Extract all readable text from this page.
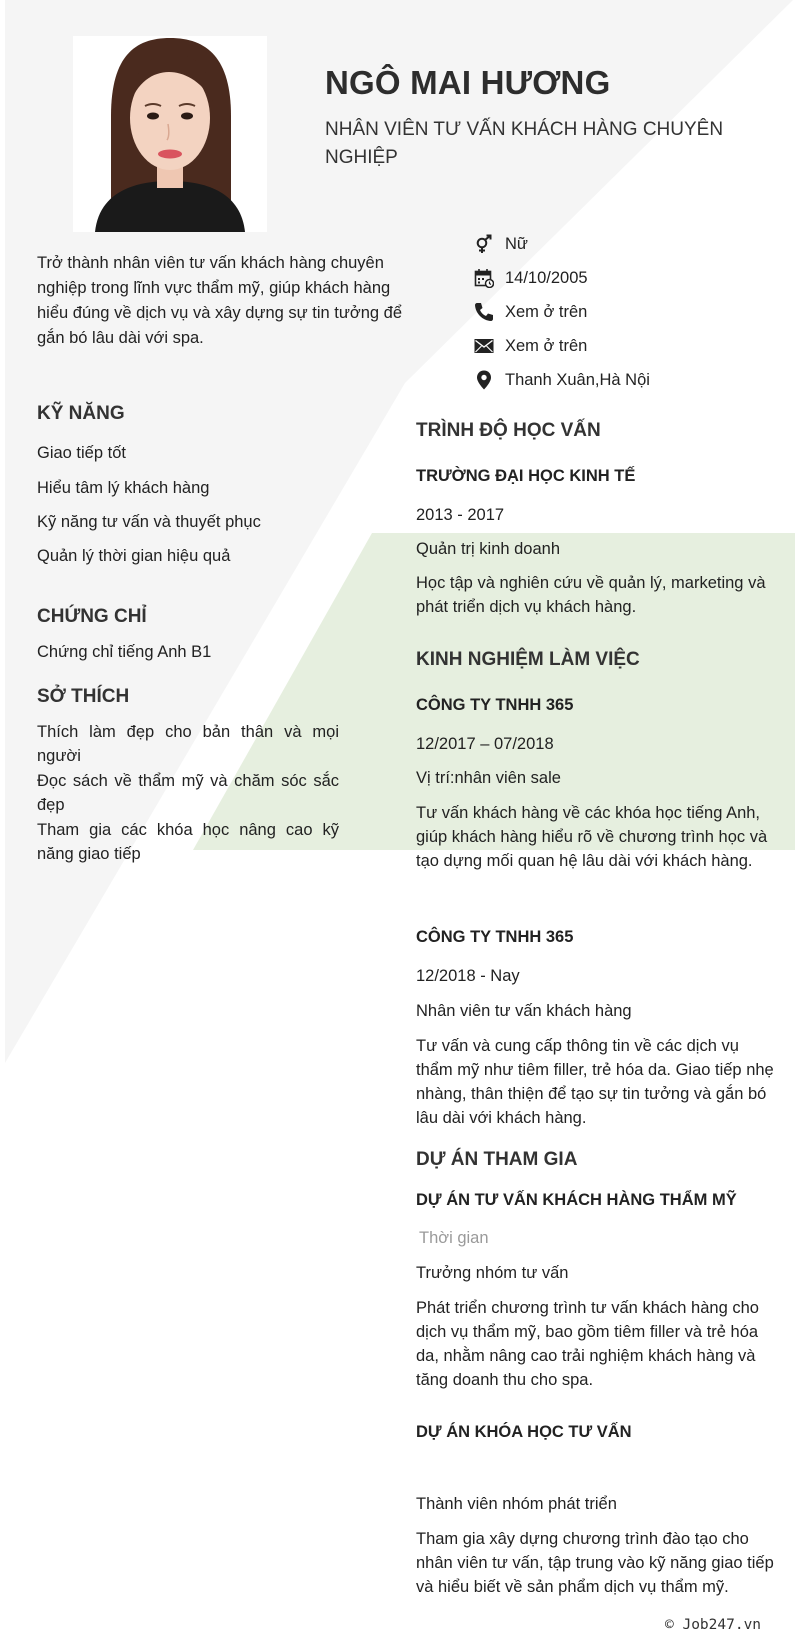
NGÔ MAI HƯƠNG
NHÂN VIÊN TƯ VẤN KHÁCH HÀNG CHUYÊN NGHIỆP
Trở thành nhân viên tư vấn khách hàng chuyên nghiệp trong lĩnh vực thẩm mỹ, giúp khách hàng hiểu đúng về dịch vụ và xây dựng sự tin tưởng để gắn bó lâu dài với spa.
Nữ
14/10/2005
Xem ở trên
Xem ở trên
Thanh Xuân,Hà Nội
KỸ NĂNG
Giao tiếp tốt
Hiểu tâm lý khách hàng
Kỹ năng tư vấn và thuyết phục
Quản lý thời gian hiệu quả
CHỨNG CHỈ
Chứng chỉ tiếng Anh B1
SỞ THÍCH
Thích làm đẹp cho bản thân và mọi người
Đọc sách về thẩm mỹ và chăm sóc sắc đẹp
Tham gia các khóa học nâng cao kỹ năng giao tiếp
TRÌNH ĐỘ HỌC VẤN
TRƯỜNG ĐẠI HỌC KINH TẾ
2013 - 2017
Quản trị kinh doanh
Học tập và nghiên cứu về quản lý, marketing và phát triển dịch vụ khách hàng.
KINH NGHIỆM LÀM VIỆC
CÔNG TY TNHH 365
12/2017 – 07/2018
Vị trí:nhân viên sale
Tư vấn khách hàng về các khóa học tiếng Anh, giúp khách hàng hiểu rõ về chương trình học và tạo dựng mối quan hệ lâu dài với khách hàng.
CÔNG TY TNHH 365
12/2018 - Nay
Nhân viên tư vấn khách hàng
Tư vấn và cung cấp thông tin về các dịch vụ thẩm mỹ như tiêm filler, trẻ hóa da. Giao tiếp nhẹ nhàng, thân thiện để tạo sự tin tưởng và gắn bó lâu dài với khách hàng.
DỰ ÁN THAM GIA
DỰ ÁN TƯ VẤN KHÁCH HÀNG THẨM MỸ
Thời gian
Trưởng nhóm tư vấn
Phát triển chương trình tư vấn khách hàng cho dịch vụ thẩm mỹ, bao gồm tiêm filler và trẻ hóa da, nhằm nâng cao trải nghiệm khách hàng và tăng doanh thu cho spa.
DỰ ÁN KHÓA HỌC TƯ VẤN
Thành viên nhóm phát triển
Tham gia xây dựng chương trình đào tạo cho nhân viên tư vấn, tập trung vào kỹ năng giao tiếp và hiểu biết về sản phẩm dịch vụ thẩm mỹ.
© Job247.vn
